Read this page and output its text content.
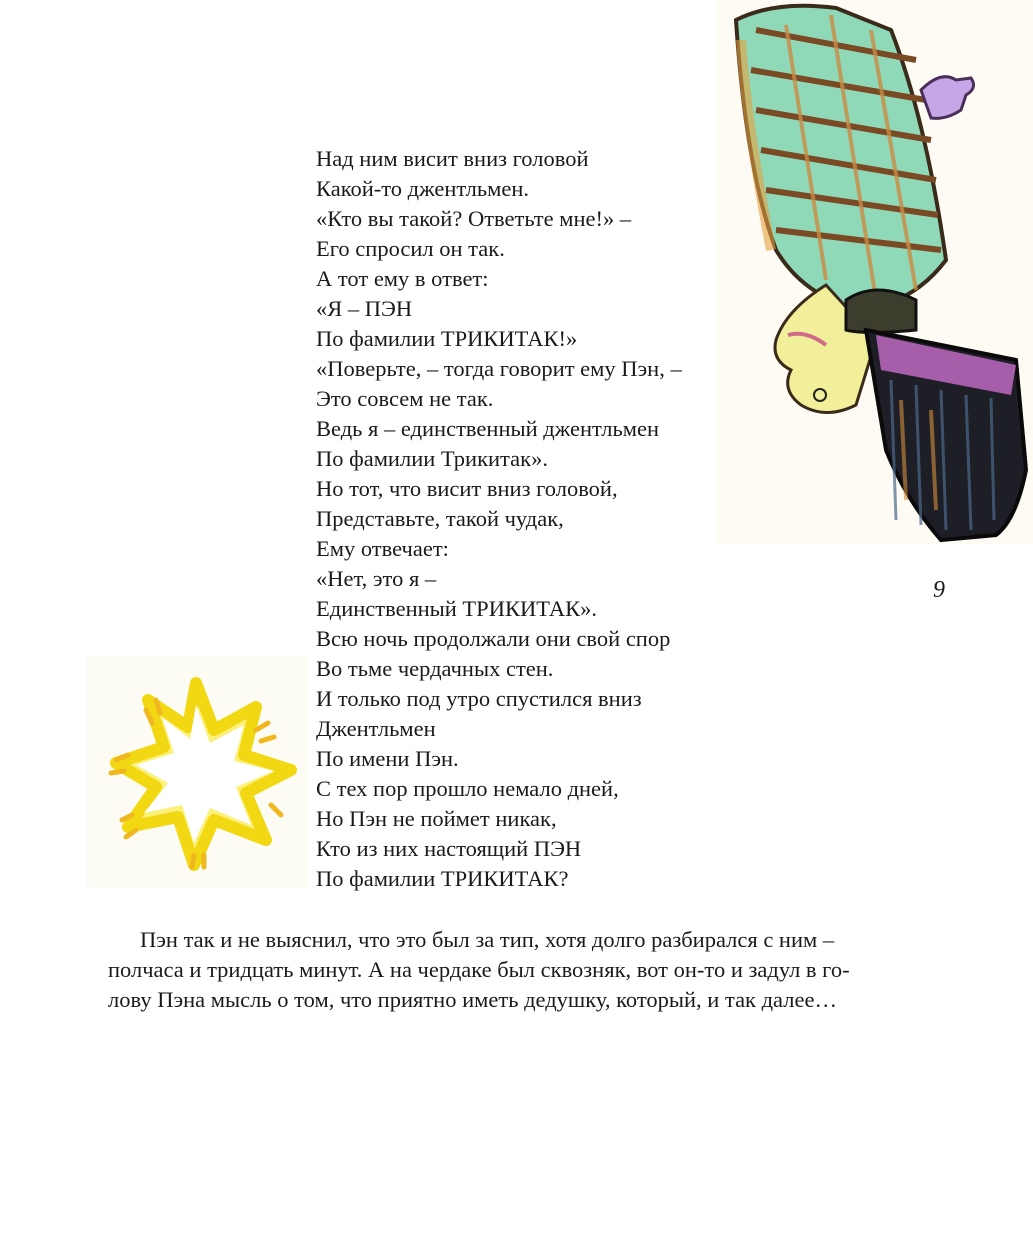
Над ним висит вниз головой
Какой-то джентльмен.
«Кто вы такой? Ответьте мне!» –
Его спросил он так.
А тот ему в ответ:
«Я – ПЭН
По фамилии ТРИКИТАК!»
«Поверьте, – тогда говорит ему Пэн, –
Это совсем не так.
Ведь я – единственный джентльмен
По фамилии Трикитак».
Но тот, что висит вниз головой,
Представьте, такой чудак,
Ему отвечает:
«Нет, это я –
Единственный ТРИКИТАК».
Всю ночь продолжали они свой спор
Во тьме чердачных стен.
И только под утро спустился вниз
Джентльмен
По имени Пэн.
С тех пор прошло немало дней,
Но Пэн не поймет никак,
Кто из них настоящий ПЭН
По фамилии ТРИКИТАК?
9
Пэн так и не выяснил, что это был за тип, хотя долго разбирался с ним –
полчаса и тридцать минут. А на чердаке был сквозняк, вот он-то и задул в го-
лову Пэна мысль о том, что приятно иметь дедушку, который, и так далее…
